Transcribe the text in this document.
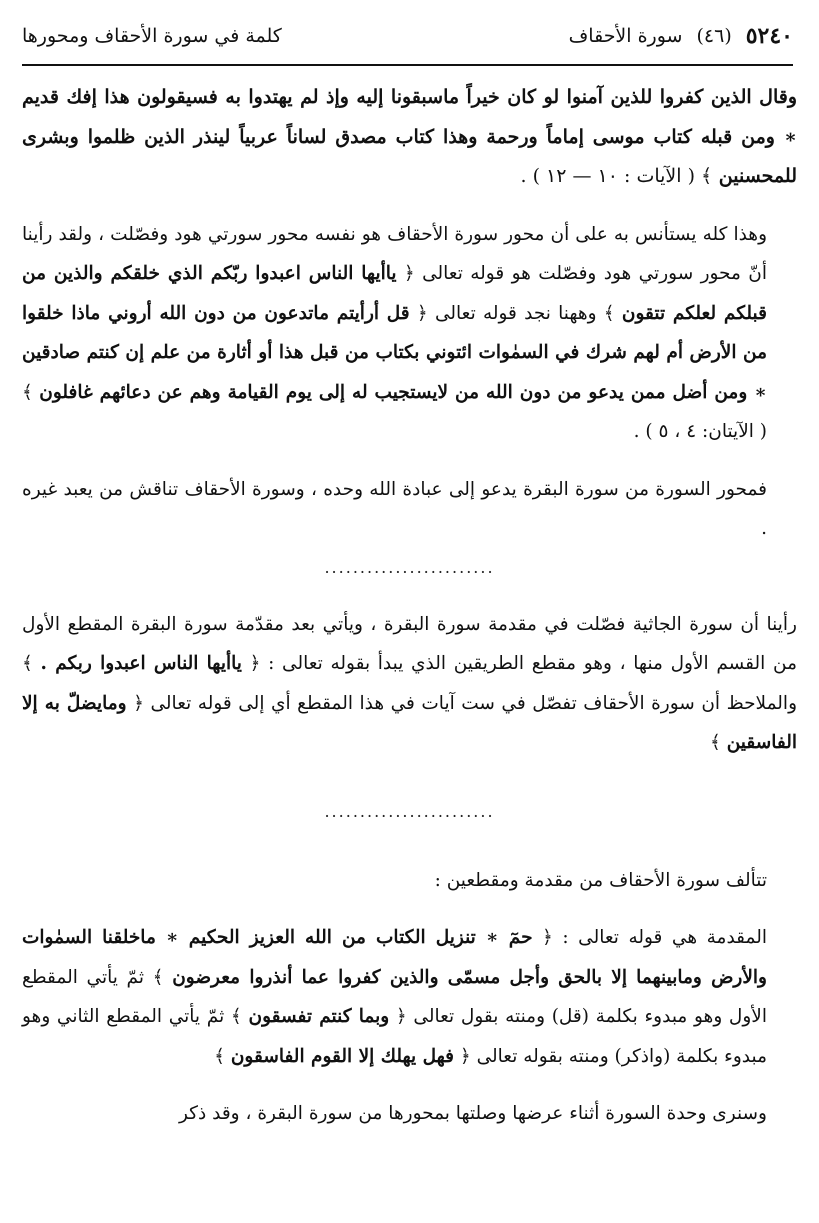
كلمة في سورة الأحقاف ومحورها	٥٢٤٠
(٤٦)
سورة الأحقاف

وقال الذين كفروا للذين آمنوا لو كان خيراً ماسبقونا إليه وإذ لم يهتدوا به فسيقولون هذا إفك قديم ∗ ومن قبله كتاب موسى إماماً ورحمة وهذا كتاب مصدق لساناً عربياً لينذر الذين ظلموا وبشرى للمحسنين ﴾ ( الآيات : ١٠ — ١٢ ) .

وهذا كله يستأنس به على أن محور سورة الأحقاف هو نفسه محور سورتي هود وفصّلت ، ولقد رأينا أنّ محور سورتي هود وفصّلت هو قوله تعالى ﴿ ياأيها الناس اعبدوا ربّكم الذي خلقكم والذين من قبلكم لعلكم تتقون ﴾ وههنا نجد قوله تعالى ﴿ قل أرأيتم ماتدعون من دون الله أروني ماذا خلقوا من الأرض أم لهم شرك في السمٰوات ائتوني بكتاب من قبل هذا أو أثارة من علم إن كنتم صادقين ∗ ومن أضل ممن يدعو من دون الله من لايستجيب له إلى يوم القيامة وهم عن دعائهم غافلون ﴾ ( الآيتان: ٤ ، ٥ ) .

فمحور السورة من سورة البقرة يدعو إلى عبادة الله وحده ، وسورة الأحقاف تناقش من يعبد غيره .

........................

رأينا أن سورة الجاثية فصّلت في مقدمة سورة البقرة ، ويأتي بعد مقدّمة سورة البقرة المقطع الأول من القسم الأول منها ، وهو مقطع الطريقين الذي يبدأ بقوله تعالى : ﴿ ياأيها الناس اعبدوا ربكم . ﴾ والملاحظ أن سورة الأحقاف تفصّل في ست آيات في هذا المقطع أي إلى قوله تعالى ﴿ ومايضلّ به إلا الفاسقين ﴾

........................

تتألف سورة الأحقاف من مقدمة ومقطعين :

المقدمة هي قوله تعالى : ﴿ حمٓ ∗ تنزيل الكتاب من الله العزيز الحكيم ∗ ماخلقنا السمٰوات والأرض ومابينهما إلا بالحق وأجل مسمّى والذين كفروا عما أنذروا معرضون ﴾ ثمّ يأتي المقطع الأول وهو مبدوء بكلمة (قل) ومنته بقول تعالى ﴿ وبما كنتم تفسقون ﴾ ثمّ يأتي المقطع الثاني وهو مبدوء بكلمة (واذكر) ومنته بقوله تعالى ﴿ فهل يهلك إلا القوم الفاسقون ﴾

وسنرى وحدة السورة أثناء عرضها وصلتها بمحورها من سورة البقرة ، وقد ذكر
